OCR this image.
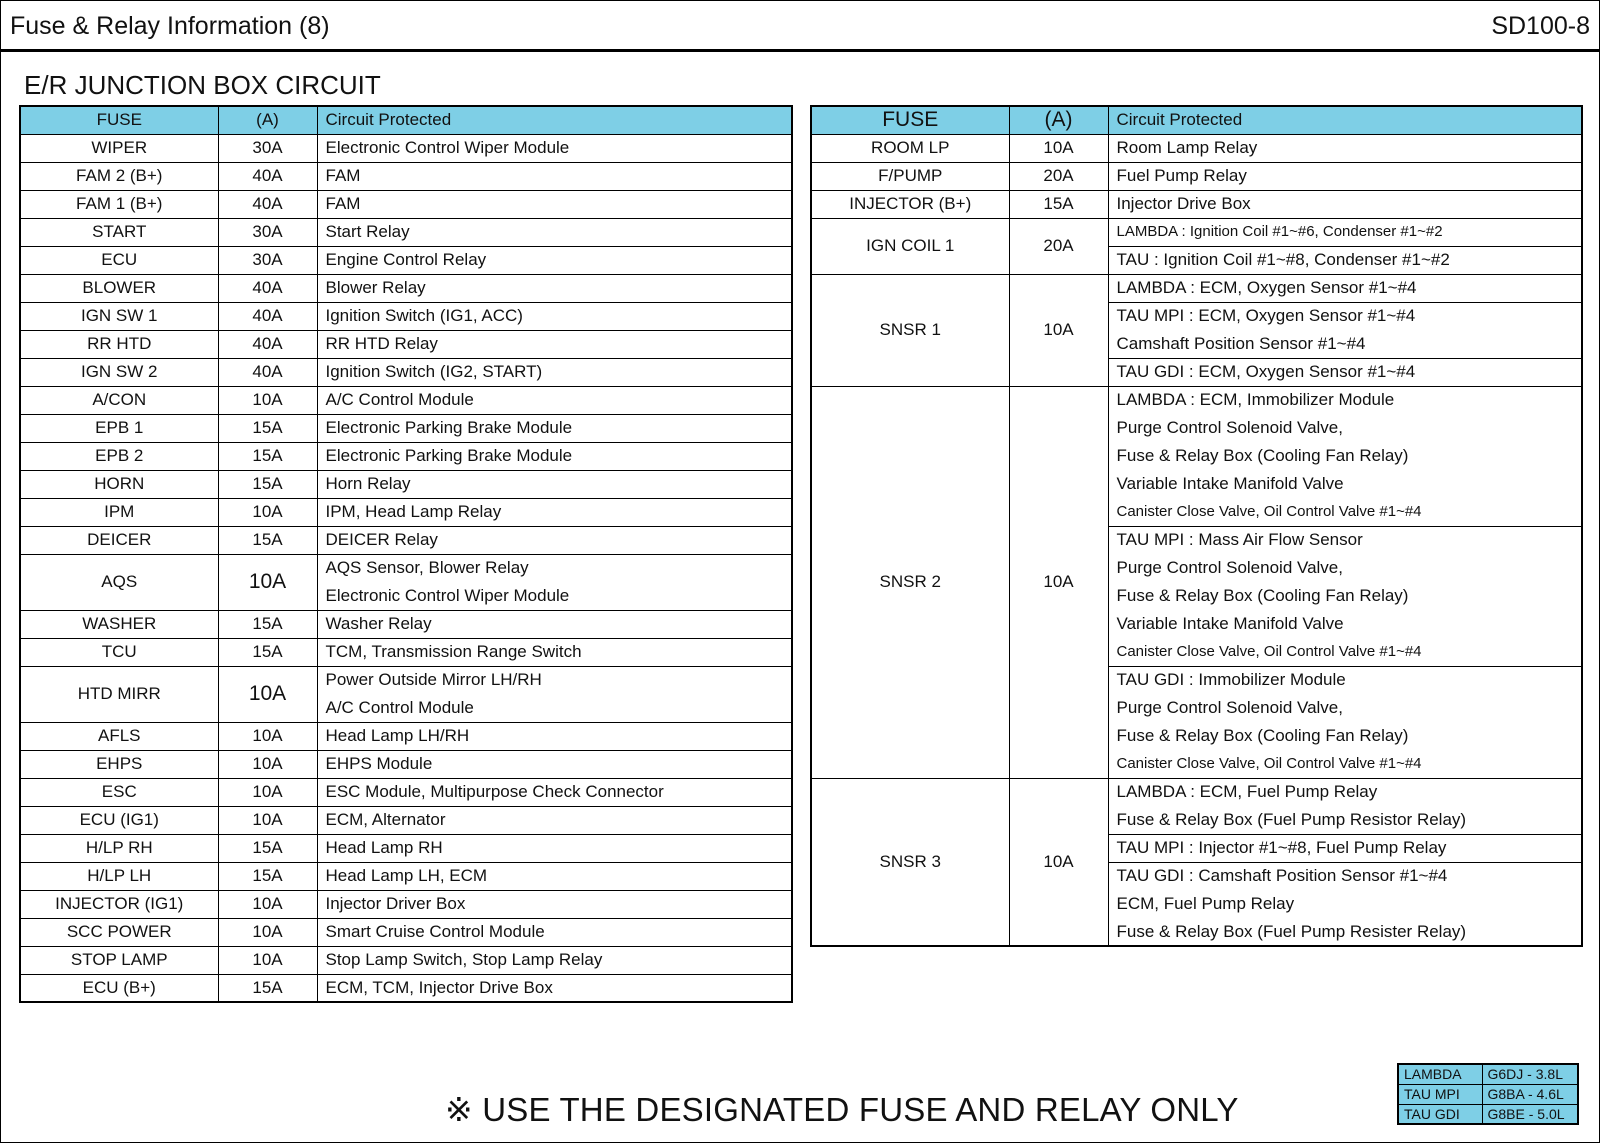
Fuse & Relay Information (8)	SD100-8
E/R JUNCTION BOX CIRCUIT
FUSE	(A)	Circuit Protected
WIPER	30A	Electronic Control Wiper Module
FAM 2 (B+)	40A	FAM
FAM 1 (B+)	40A	FAM
START	30A	Start Relay
ECU	30A	Engine Control Relay
BLOWER	40A	Blower Relay
IGN SW 1	40A	Ignition Switch (IG1, ACC)
RR HTD	40A	RR HTD Relay
IGN SW 2	40A	Ignition Switch (IG2, START)
A/CON	10A	A/C Control Module
EPB 1	15A	Electronic Parking Brake Module
EPB 2	15A	Electronic Parking Brake Module
HORN	15A	Horn Relay
IPM	10A	IPM, Head Lamp Relay
DEICER	15A	DEICER Relay
AQS	10A	AQS Sensor, Blower Relay
		Electronic Control Wiper Module
WASHER	15A	Washer Relay
TCU	15A	TCM, Transmission Range Switch
HTD MIRR	10A	Power Outside Mirror LH/RH
		A/C Control Module
AFLS	10A	Head Lamp LH/RH
EHPS	10A	EHPS Module
ESC	10A	ESC Module, Multipurpose Check Connector
ECU (IG1)	10A	ECM, Alternator
H/LP RH	15A	Head Lamp RH
H/LP LH	15A	Head Lamp LH, ECM
INJECTOR (IG1)	10A	Injector Driver Box
SCC POWER	10A	Smart Cruise Control Module
STOP LAMP	10A	Stop Lamp Switch, Stop Lamp Relay
ECU (B+)	15A	ECM, TCM, Injector Drive Box
FUSE	(A)	Circuit Protected
ROOM LP	10A	Room Lamp Relay
F/PUMP	20A	Fuel Pump Relay
INJECTOR (B+)	15A	Injector Drive Box
IGN COIL 1	20A	LAMBDA : Ignition Coil #1~#6, Condenser #1~#2
		TAU : Ignition Coil #1~#8, Condenser #1~#2
SNSR 1	10A	LAMBDA : ECM, Oxygen Sensor #1~#4
		TAU MPI : ECM, Oxygen Sensor #1~#4
		Camshaft Position Sensor #1~#4
		TAU GDI : ECM, Oxygen Sensor #1~#4
SNSR 2	10A	LAMBDA : ECM, Immobilizer Module
		Purge Control Solenoid Valve,
		Fuse & Relay Box (Cooling Fan Relay)
		Variable Intake Manifold Valve
		Canister Close Valve, Oil Control Valve #1~#4
		TAU MPI : Mass Air Flow Sensor
		Purge Control Solenoid Valve,
		Fuse & Relay Box (Cooling Fan Relay)
		Variable Intake Manifold Valve
		Canister Close Valve, Oil Control Valve #1~#4
		TAU GDI : Immobilizer Module
		Purge Control Solenoid Valve,
		Fuse & Relay Box (Cooling Fan Relay)
		Canister Close Valve, Oil Control Valve #1~#4
SNSR 3	10A	LAMBDA : ECM, Fuel Pump Relay
		Fuse & Relay Box (Fuel Pump Resistor Relay)
		TAU MPI : Injector #1~#8, Fuel Pump Relay
		TAU GDI : Camshaft Position Sensor #1~#4
		ECM, Fuel Pump Relay
		Fuse & Relay Box (Fuel Pump Resister Relay)
※ USE THE DESIGNATED FUSE AND RELAY ONLY
LAMBDA	G6DJ - 3.8L
TAU MPI	G8BA - 4.6L
TAU GDI	G8BE - 5.0L
